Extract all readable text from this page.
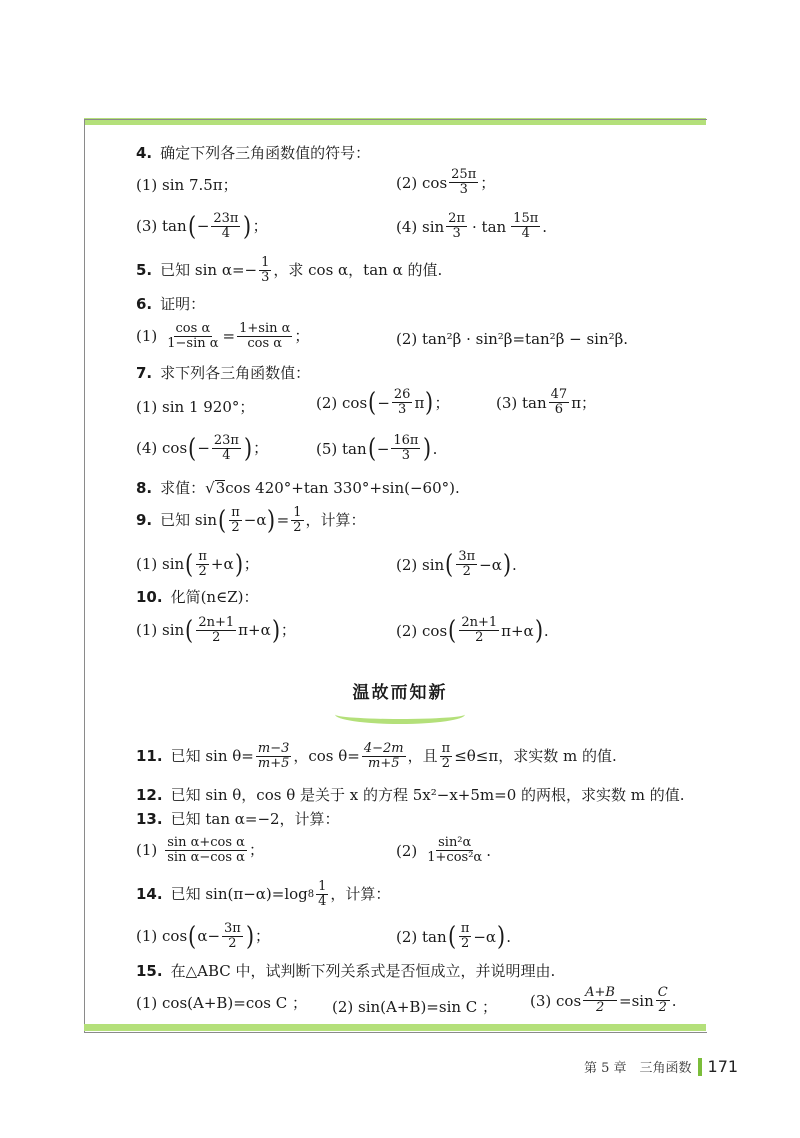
4. 确定下列各三角函数值的符号：
(1) sin 7.5π；	(2) $\cos \frac{25\pi}{3}$ ；
(3) tan ( − $\frac{23\pi}{4}$ ) ；	(4) $\sin \frac{2\pi}{3} \cdot \tan \frac{15\pi}{4}$ .
5. 已知 $\sin \alpha=- \frac{1}{3}$ ，求 cos α，tan α 的值.
6. 证明：
$(1) \frac{\text{cos α}}{\text{1−sin α}} = \frac{\text{1+sin α}}{\text{cos α}}$ ；	(2) tan²β · sin²β=tan²β − sin²β.
7. 求下列各三角函数值：
(1) sin 1 920°；	(2) cos ( − $\frac{26}{3}$ π ) ；	(3) $\tan \frac{47}{6}$ π；
(4) cos ( − $\frac{23\pi}{4}$ ) ；	(5) tan ( − $\frac{16\pi}{3}$ ) .
8. 求值： √ 3 cos 420°+tan 330°+sin(−60°).
9. 已知 sin ( $\frac{\pi}{2} -\alpha$ ) = $\frac{1}{2}$ ，计算：
(1) sin ( $\frac{\pi}{2} +\alpha$ ) ；	(2) sin ( $\frac{3\pi}{2} -\alpha$ ) .
10. 化简(n∈Z)：
(1) sin ( $\frac{2n+1}{2} \pi+\alpha$ ) ；	(2) cos ( $\frac{2n+1}{2} \pi+\alpha$ ) .
温故而知新
11. 已知 $\sin \theta= \frac{m-3}{m+5}$ ，$\cos \theta= \frac{4-2m}{m+5}$ ，且 $\frac{\pi}{2} \le\theta\le\pi$，求实数 m 的值.
12. 已知 sin θ，cos θ 是关于 x 的方程 5x²−x+5m=0 的两根，求实数 m 的值.
13. 已知 tan α=−2，计算：
$(1) \frac{\text{sin α+cos α}}{\text{sin α−cos α}}$ ；	$(2) \frac{\text{sin²α}}{\text{1+cos²α}}$ .
14. 已知 sin(π−α)=log $8 \frac{1}{4}$ ，计算：
(1) cos ( $\alpha- \frac{3\pi}{2}$ ) ；	(2) tan ( $\frac{\pi}{2} -\alpha$ ) .
15. 在△ABC 中，试判断下列关系式是否恒成立，并说明理由.
(1) cos(A+B)=cos C ； (2) sin(A+B)=sin C ； (3) $\cos \frac{A+B}{2} =\sin \frac{C}{2}$ .
第 5 章　三角函数 171
